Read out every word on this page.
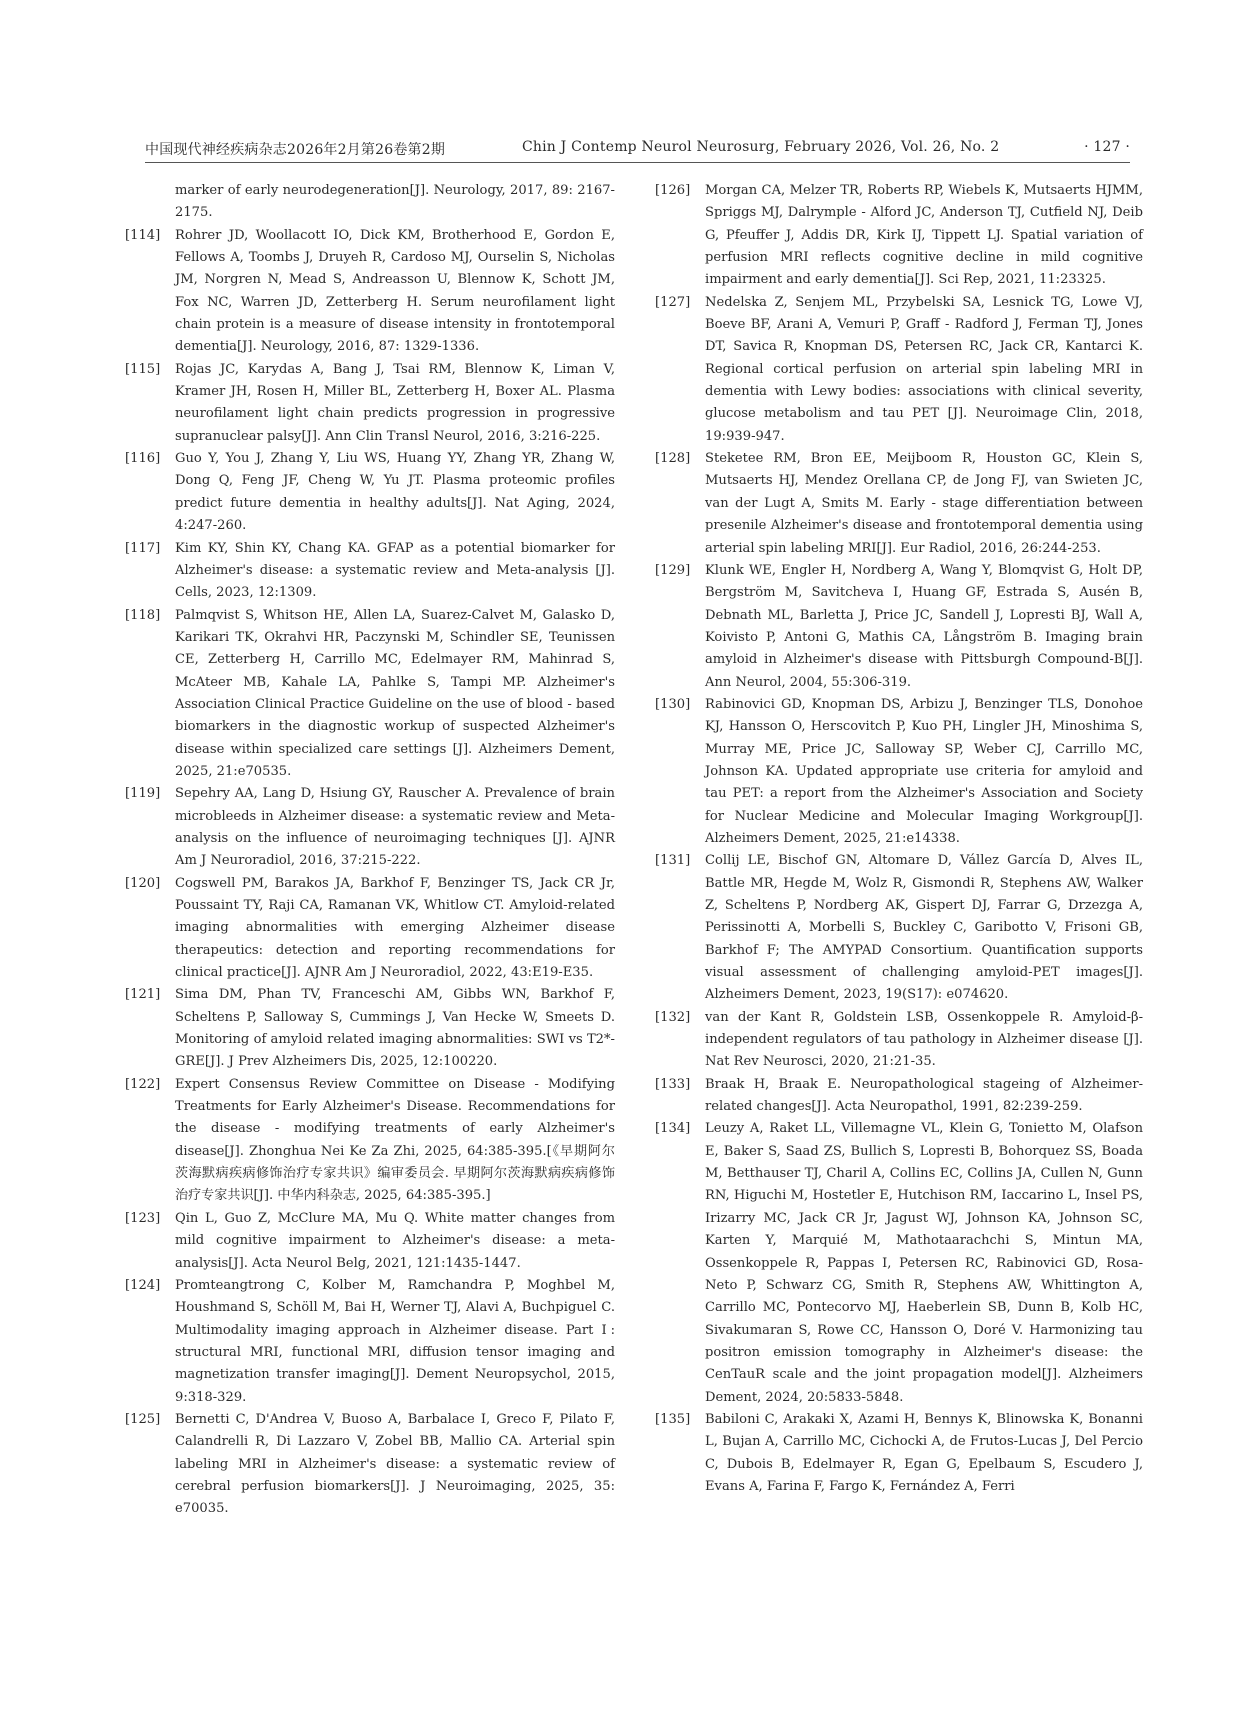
中国现代神经疾病杂志2026年2月第26卷第2期	Chin J Contemp Neurol Neurosurg, February 2026, Vol. 26, No. 2	· 127 ·
marker of early neurodegeneration[J]. Neurology, 2017, 89: 2167-2175.
[114]	Rohrer JD, Woollacott IO, Dick KM, Brotherhood E, Gordon E, Fellows A, Toombs J, Druyeh R, Cardoso MJ, Ourselin S, Nicholas JM, Norgren N, Mead S, Andreasson U, Blennow K, Schott JM, Fox NC, Warren JD, Zetterberg H. Serum neurofilament light chain protein is a measure of disease intensity in frontotemporal dementia[J]. Neurology, 2016, 87: 1329-1336.
[115]	Rojas JC, Karydas A, Bang J, Tsai RM, Blennow K, Liman V, Kramer JH, Rosen H, Miller BL, Zetterberg H, Boxer AL. Plasma neurofilament light chain predicts progression in progressive supranuclear palsy[J]. Ann Clin Transl Neurol, 2016, 3:216-225.
[116]	Guo Y, You J, Zhang Y, Liu WS, Huang YY, Zhang YR, Zhang W, Dong Q, Feng JF, Cheng W, Yu JT. Plasma proteomic profiles predict future dementia in healthy adults[J]. Nat Aging, 2024, 4:247-260.
[117]	Kim KY, Shin KY, Chang KA. GFAP as a potential biomarker for Alzheimer's disease: a systematic review and Meta-analysis [J]. Cells, 2023, 12:1309.
[118]	Palmqvist S, Whitson HE, Allen LA, Suarez-Calvet M, Galasko D, Karikari TK, Okrahvi HR, Paczynski M, Schindler SE, Teunissen CE, Zetterberg H, Carrillo MC, Edelmayer RM, Mahinrad S, McAteer MB, Kahale LA, Pahlke S, Tampi MP. Alzheimer's Association Clinical Practice Guideline on the use of blood - based biomarkers in the diagnostic workup of suspected Alzheimer's disease within specialized care settings [J]. Alzheimers Dement, 2025, 21:e70535.
[119]	Sepehry AA, Lang D, Hsiung GY, Rauscher A. Prevalence of brain microbleeds in Alzheimer disease: a systematic review and Meta-analysis on the influence of neuroimaging techniques [J]. AJNR Am J Neuroradiol, 2016, 37:215-222.
[120]	Cogswell PM, Barakos JA, Barkhof F, Benzinger TS, Jack CR Jr, Poussaint TY, Raji CA, Ramanan VK, Whitlow CT. Amyloid-related imaging abnormalities with emerging Alzheimer disease therapeutics: detection and reporting recommendations for clinical practice[J]. AJNR Am J Neuroradiol, 2022, 43:E19-E35.
[121]	Sima DM, Phan TV, Franceschi AM, Gibbs WN, Barkhof F, Scheltens P, Salloway S, Cummings J, Van Hecke W, Smeets D. Monitoring of amyloid related imaging abnormalities: SWI vs T2*-GRE[J]. J Prev Alzheimers Dis, 2025, 12:100220.
[122]	Expert Consensus Review Committee on Disease - Modifying Treatments for Early Alzheimer's Disease. Recommendations for the disease - modifying treatments of early Alzheimer's disease[J]. Zhonghua Nei Ke Za Zhi, 2025, 64:385-395.[《早期阿尔茨海默病疾病修饰治疗专家共识》编审委员会. 早期阿尔茨海默病疾病修饰治疗专家共识[J]. 中华内科杂志, 2025, 64:385-395.]
[123]	Qin L, Guo Z, McClure MA, Mu Q. White matter changes from mild cognitive impairment to Alzheimer's disease: a meta-analysis[J]. Acta Neurol Belg, 2021, 121:1435-1447.
[124]	Promteangtrong C, Kolber M, Ramchandra P, Moghbel M, Houshmand S, Schöll M, Bai H, Werner TJ, Alavi A, Buchpiguel C. Multimodality imaging approach in Alzheimer disease. Part Ⅰ: structural MRI, functional MRI, diffusion tensor imaging and magnetization transfer imaging[J]. Dement Neuropsychol, 2015, 9:318-329.
[125]	Bernetti C, D'Andrea V, Buoso A, Barbalace I, Greco F, Pilato F, Calandrelli R, Di Lazzaro V, Zobel BB, Mallio CA. Arterial spin labeling MRI in Alzheimer's disease: a systematic review of cerebral perfusion biomarkers[J]. J Neuroimaging, 2025, 35: e70035.
[126]	Morgan CA, Melzer TR, Roberts RP, Wiebels K, Mutsaerts HJMM, Spriggs MJ, Dalrymple - Alford JC, Anderson TJ, Cutfield NJ, Deib G, Pfeuffer J, Addis DR, Kirk IJ, Tippett LJ. Spatial variation of perfusion MRI reflects cognitive decline in mild cognitive impairment and early dementia[J]. Sci Rep, 2021, 11:23325.
[127]	Nedelska Z, Senjem ML, Przybelski SA, Lesnick TG, Lowe VJ, Boeve BF, Arani A, Vemuri P, Graff - Radford J, Ferman TJ, Jones DT, Savica R, Knopman DS, Petersen RC, Jack CR, Kantarci K. Regional cortical perfusion on arterial spin labeling MRI in dementia with Lewy bodies: associations with clinical severity, glucose metabolism and tau PET [J]. Neuroimage Clin, 2018, 19:939-947.
[128]	Steketee RM, Bron EE, Meijboom R, Houston GC, Klein S, Mutsaerts HJ, Mendez Orellana CP, de Jong FJ, van Swieten JC, van der Lugt A, Smits M. Early - stage differentiation between presenile Alzheimer's disease and frontotemporal dementia using arterial spin labeling MRI[J]. Eur Radiol, 2016, 26:244-253.
[129]	Klunk WE, Engler H, Nordberg A, Wang Y, Blomqvist G, Holt DP, Bergström M, Savitcheva I, Huang GF, Estrada S, Ausén B, Debnath ML, Barletta J, Price JC, Sandell J, Lopresti BJ, Wall A, Koivisto P, Antoni G, Mathis CA, Långström B. Imaging brain amyloid in Alzheimer's disease with Pittsburgh Compound-B[J]. Ann Neurol, 2004, 55:306-319.
[130]	Rabinovici GD, Knopman DS, Arbizu J, Benzinger TLS, Donohoe KJ, Hansson O, Herscovitch P, Kuo PH, Lingler JH, Minoshima S, Murray ME, Price JC, Salloway SP, Weber CJ, Carrillo MC, Johnson KA. Updated appropriate use criteria for amyloid and tau PET: a report from the Alzheimer's Association and Society for Nuclear Medicine and Molecular Imaging Workgroup[J]. Alzheimers Dement, 2025, 21:e14338.
[131]	Collij LE, Bischof GN, Altomare D, Vállez García D, Alves IL, Battle MR, Hegde M, Wolz R, Gismondi R, Stephens AW, Walker Z, Scheltens P, Nordberg AK, Gispert DJ, Farrar G, Drzezga A, Perissinotti A, Morbelli S, Buckley C, Garibotto V, Frisoni GB, Barkhof F; The AMYPAD Consortium. Quantification supports visual assessment of challenging amyloid-PET images[J]. Alzheimers Dement, 2023, 19(S17): e074620.
[132]	van der Kant R, Goldstein LSB, Ossenkoppele R. Amyloid-β-independent regulators of tau pathology in Alzheimer disease [J]. Nat Rev Neurosci, 2020, 21:21-35.
[133]	Braak H, Braak E. Neuropathological stageing of Alzheimer-related changes[J]. Acta Neuropathol, 1991, 82:239-259.
[134]	Leuzy A, Raket LL, Villemagne VL, Klein G, Tonietto M, Olafson E, Baker S, Saad ZS, Bullich S, Lopresti B, Bohorquez SS, Boada M, Betthauser TJ, Charil A, Collins EC, Collins JA, Cullen N, Gunn RN, Higuchi M, Hostetler E, Hutchison RM, Iaccarino L, Insel PS, Irizarry MC, Jack CR Jr, Jagust WJ, Johnson KA, Johnson SC, Karten Y, Marquié M, Mathotaarachchi S, Mintun MA, Ossenkoppele R, Pappas I, Petersen RC, Rabinovici GD, Rosa-Neto P, Schwarz CG, Smith R, Stephens AW, Whittington A, Carrillo MC, Pontecorvo MJ, Haeberlein SB, Dunn B, Kolb HC, Sivakumaran S, Rowe CC, Hansson O, Doré V. Harmonizing tau positron emission tomography in Alzheimer's disease: the CenTauR scale and the joint propagation model[J]. Alzheimers Dement, 2024, 20:5833-5848.
[135]	Babiloni C, Arakaki X, Azami H, Bennys K, Blinowska K, Bonanni L, Bujan A, Carrillo MC, Cichocki A, de Frutos-Lucas J, Del Percio C, Dubois B, Edelmayer R, Egan G, Epelbaum S, Escudero J, Evans A, Farina F, Fargo K, Fernández A, Ferri
